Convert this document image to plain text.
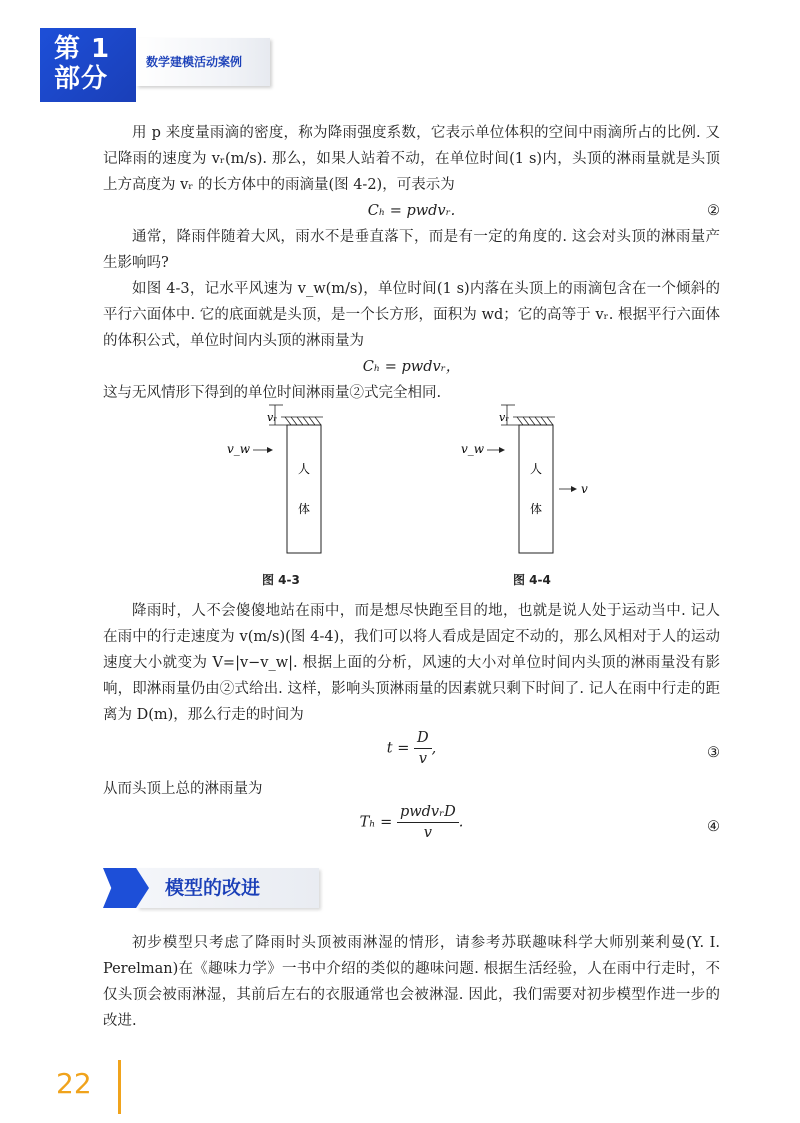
第 1
部分
数学建模活动案例

用 p 来度量雨滴的密度，称为降雨强度系数，它表示单位体积的空间中雨滴所占的比例. 又记降雨的速度为 vᵣ(m/s). 那么，如果人站着不动，在单位时间(1 s)内，头顶的淋雨量就是头顶上方高度为 vᵣ 的长方体中的雨滴量(图 4-2)，可表示为

Cₕ = pwdvᵣ.	②

通常，降雨伴随着大风，雨水不是垂直落下，而是有一定的角度的. 这会对头顶的淋雨量产生影响吗?

如图 4-3，记水平风速为 v_w(m/s)，单位时间(1 s)内落在头顶上的雨滴包含在一个倾斜的平行六面体中. 它的底面就是头顶，是一个长方形，面积为 wd；它的高等于 vᵣ. 根据平行六面体的体积公式，单位时间内头顶的淋雨量为

Cₕ = pwdvᵣ，

这与无风情形下得到的单位时间淋雨量②式完全相同.

vᵣ
v_w
人
体
图 4-3
vᵣ
v_w
人
体
v
图 4-4

降雨时，人不会傻傻地站在雨中，而是想尽快跑至目的地，也就是说人处于运动当中. 记人在雨中的行走速度为 v(m/s)(图 4-4)，我们可以将人看成是固定不动的，那么风相对于人的运动速度大小就变为 V=|v−v_w|. 根据上面的分析，风速的大小对单位时间内头顶的淋雨量没有影响，即淋雨量仍由②式给出. 这样，影响头顶淋雨量的因素就只剩下时间了. 记人在雨中行走的距离为 D(m)，那么行走的时间为

$t = \frac{D}{v}$ ,	③

从而头顶上总的淋雨量为

$T_h = \frac{\text{pwdvᵣD}}{v}$ .	④
模型的改进

初步模型只考虑了降雨时头顶被雨淋湿的情形，请参考苏联趣味科学大师别莱利曼(Y. I. Perelman)在《趣味力学》一书中介绍的类似的趣味问题. 根据生活经验，人在雨中行走时，不仅头顶会被雨淋湿，其前后左右的衣服通常也会被淋湿. 因此，我们需要对初步模型作进一步的改进.

22
